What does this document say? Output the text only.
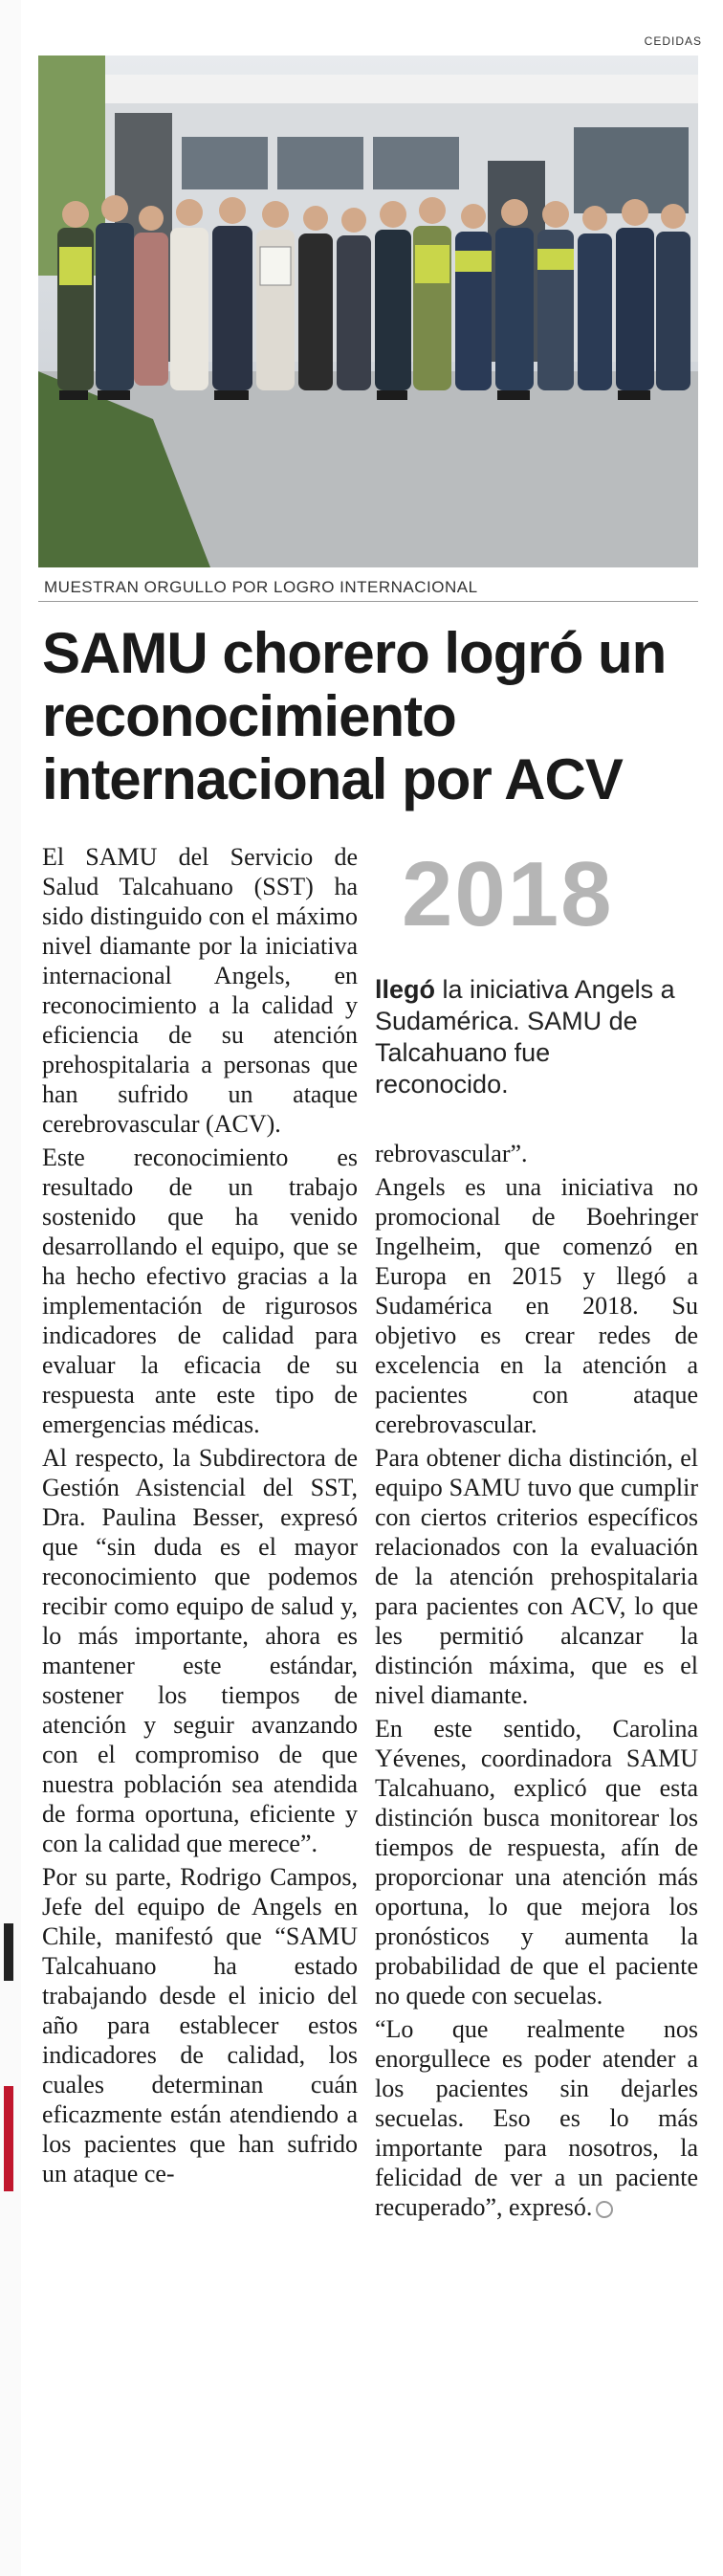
CEDIDAS
MUESTRAN ORGULLO POR LOGRO INTERNACIONAL
SAMU chorero logró un reconocimiento internacional por ACV

El SAMU del Servicio de Salud Talcahuano (SST) ha sido distinguido con el máximo nivel diamante por la iniciativa internacional Angels, en reconocimiento a la calidad y eficiencia de su atención prehospitalaria a personas que han sufrido un ataque cerebrovascular (ACV).

Este reconocimiento es resultado de un trabajo sostenido que ha venido desarrollando el equipo, que se ha hecho efectivo gracias a la implementación de rigurosos indicadores de calidad para evaluar la eficacia de su respuesta ante este tipo de emergencias médicas.

Al respecto, la Subdirectora de Gestión Asistencial del SST, Dra. Paulina Besser, expresó que “sin duda es el mayor reconocimiento que podemos recibir como equipo de salud y, lo más importante, ahora es mantener este estándar, sostener los tiempos de atención y seguir avanzando con el compromiso de que nuestra población sea atendida de forma oportuna, eficiente y con la calidad que merece”.

Por su parte, Rodrigo Campos, Jefe del equipo de Angels en Chile, manifestó que “SAMU Talcahuano ha estado trabajando desde el inicio del año para establecer estos indicadores de calidad, los cuales determinan cuán eficazmente están atendiendo a los pacientes que han sufrido un ataque ce-

2018
llegó la iniciativa Angels a Sudamérica. SAMU de Talcahuano fue reconocido.

rebrovascular”.

Angels es una iniciativa no promocional de Boehringer Ingelheim, que comenzó en Europa en 2015 y llegó a Sudamérica en 2018. Su objetivo es crear redes de excelencia en la atención a pacientes con ataque cerebrovascular.

Para obtener dicha distinción, el equipo SAMU tuvo que cumplir con ciertos criterios específicos relacionados con la evaluación de la atención prehospitalaria para pacientes con ACV, lo que les permitió alcanzar la distinción máxima, que es el nivel diamante.

En este sentido, Carolina Yévenes, coordinadora SAMU Talcahuano, explicó que esta distinción busca monitorear los tiempos de respuesta, afín de proporcionar una atención más oportuna, lo que mejora los pronósticos y aumenta la probabilidad de que el paciente no quede con secuelas.

“Lo que realmente nos enorgullece es poder atender a los pacientes sin dejarles secuelas. Eso es lo más importante para nosotros, la felicidad de ver a un paciente recuperado”, expresó.
